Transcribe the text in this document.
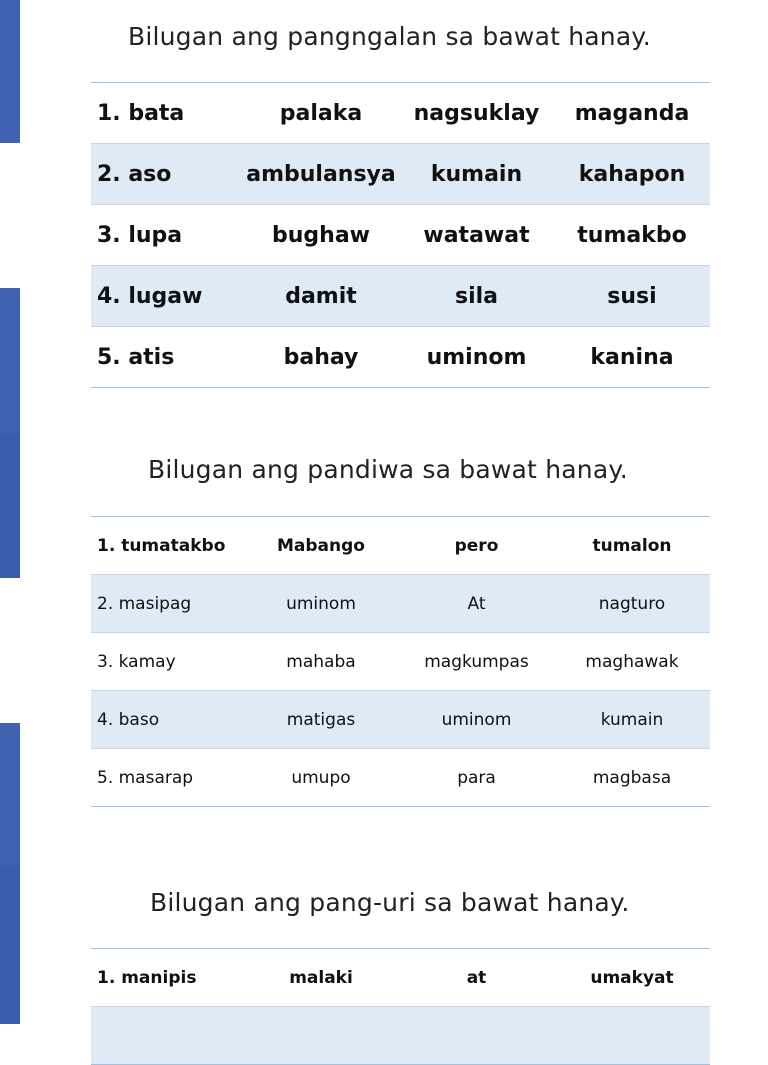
Bilugan ang pangngalan sa bawat hanay.
1. bata	palaka	nagsuklay	maganda
2. aso	ambulansya	kumain	kahapon
3. lupa	bughaw	watawat	tumakbo
4. lugaw	damit	sila	susi
5. atis	bahay	uminom	kanina
Bilugan ang pandiwa sa bawat hanay.
1. tumatakbo	Mabango	pero	tumalon
2. masipag	uminom	At	nagturo
3. kamay	mahaba	magkumpas	maghawak
4. baso	matigas	uminom	kumain
5. masarap	umupo	para	magbasa
Bilugan ang pang-uri sa bawat hanay.
1. manipis	malaki	at	umakyat
